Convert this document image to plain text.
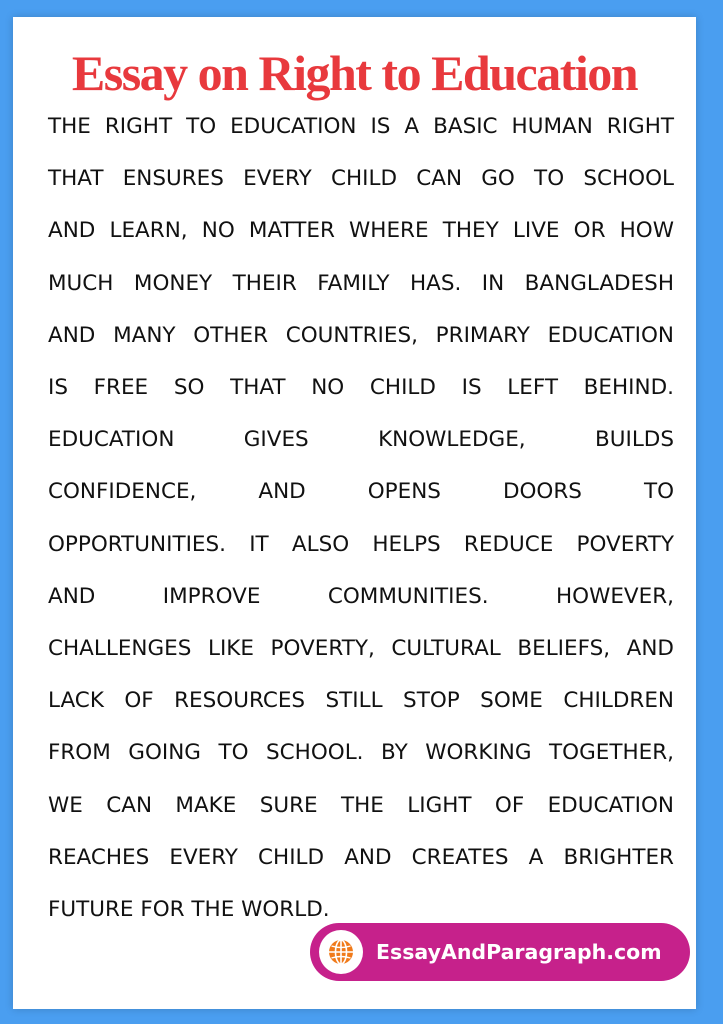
Essay on Right to Education
THE RIGHT TO EDUCATION IS A BASIC HUMAN RIGHT
THAT ENSURES EVERY CHILD CAN GO TO SCHOOL
AND LEARN, NO MATTER WHERE THEY LIVE OR HOW
MUCH MONEY THEIR FAMILY HAS. IN BANGLADESH
AND MANY OTHER COUNTRIES, PRIMARY EDUCATION
IS FREE SO THAT NO CHILD IS LEFT BEHIND.
EDUCATION GIVES KNOWLEDGE, BUILDS
CONFIDENCE, AND OPENS DOORS TO
OPPORTUNITIES. IT ALSO HELPS REDUCE POVERTY
AND IMPROVE COMMUNITIES. HOWEVER,
CHALLENGES LIKE POVERTY, CULTURAL BELIEFS, AND
LACK OF RESOURCES STILL STOP SOME CHILDREN
FROM GOING TO SCHOOL. BY WORKING TOGETHER,
WE CAN MAKE SURE THE LIGHT OF EDUCATION
REACHES EVERY CHILD AND CREATES A BRIGHTER
FUTURE FOR THE WORLD.
EssayAndParagraph.com
